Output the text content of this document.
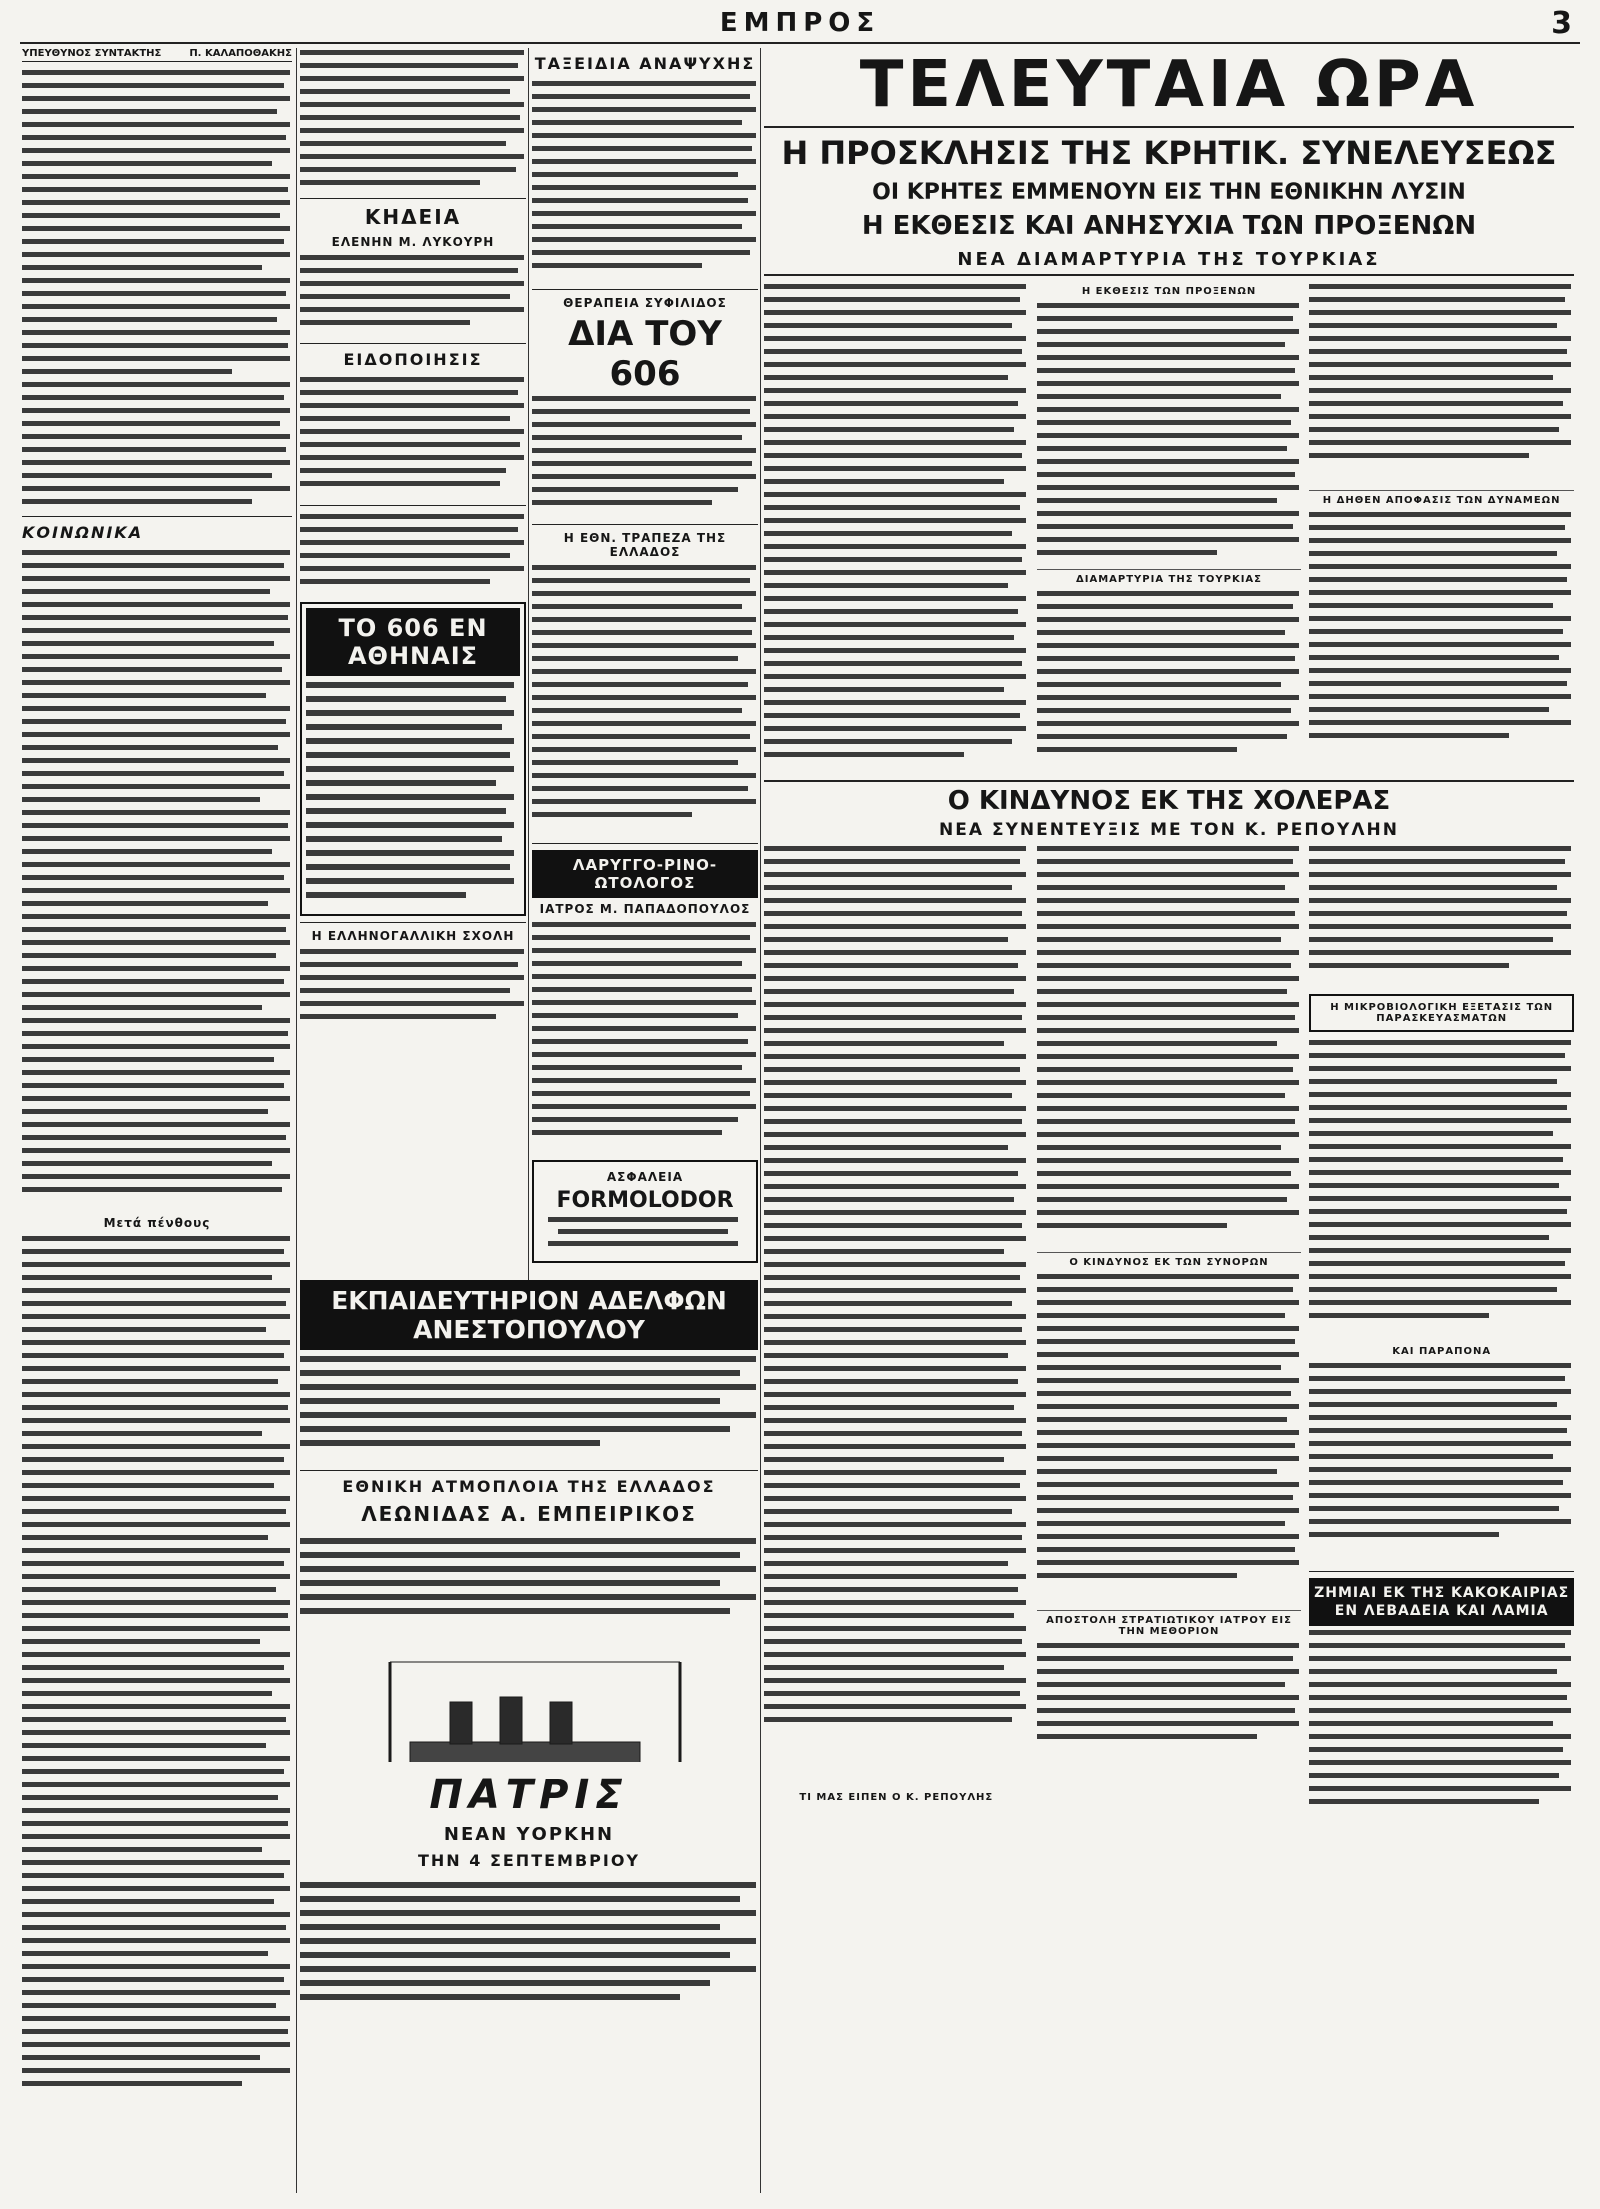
ΕΜΠΡΟΣ	3
ΥΠΕΥΘΥΝΟΣ ΣΥΝΤΑΚΤΗΣ	Π. ΚΑΛΑΠΟΘΑΚΗΣ
ΚΟΙΝΩΝΙΚΑ
Μετά πένθους
ΚΗΔΕΙΑ
ΕΛΕΝΗΝ Μ. ΛΥΚΟΥΡΗ
ΕΙΔΟΠΟΙΗΣΙΣ
ΤΟ 606 ΕΝ ΑΘΗΝΑΙΣ
Η ΕΛΛΗΝΟΓΑΛΛΙΚΗ ΣΧΟΛΗ
ΤΑΞΕΙΔΙΑ ΑΝΑΨΥΧΗΣ
ΘΕΡΑΠΕΙΑ ΣΥΦΙΛΙΔΟΣ
ΔΙΑ ΤΟΥ 606
Η ΕΘΝ. ΤΡΑΠΕΖΑ ΤΗΣ ΕΛΛΑΔΟΣ
ΛΑΡΥΓΓΟ-ΡΙΝΟ-ΩΤΟΛΟΓΟΣ
ΙΑΤΡΟΣ Μ. ΠΑΠΑΔΟΠΟΥΛΟΣ
ΑΣΦΑΛΕΙΑ
FORMOLODOR
ΕΚΠΑΙΔΕΥΤΗΡΙΟΝ ΑΔΕΛΦΩΝ ΑΝΕΣΤΟΠΟΥΛΟΥ
ΕΘΝΙΚΗ ΑΤΜΟΠΛΟΙΑ ΤΗΣ ΕΛΛΑΔΟΣ
ΛΕΩΝΙΔΑΣ Α. ΕΜΠΕΙΡΙΚΟΣ

ΠΑΤΡΙΣ
ΝΕΑΝ ΥΟΡΚΗΝ
ΤΗΝ 4 ΣΕΠΤΕΜΒΡΙΟΥ
ΤΕΛΕΥΤΑΙΑ ΩΡΑ
Η ΠΡΟΣΚΛΗΣΙΣ ΤΗΣ ΚΡΗΤΙΚ. ΣΥΝΕΛΕΥΣΕΩΣ
ΟΙ ΚΡΗΤΕΣ ΕΜΜΕΝΟΥΝ ΕΙΣ ΤΗΝ ΕΘΝΙΚΗΝ ΛΥΣΙΝ
Η ΕΚΘΕΣΙΣ ΚΑΙ ΑΝΗΣΥΧΙΑ ΤΩΝ ΠΡΟΞΕΝΩΝ
ΝΕΑ ΔΙΑΜΑΡΤΥΡΙΑ ΤΗΣ ΤΟΥΡΚΙΑΣ
Η ΕΚΘΕΣΙΣ ΤΩΝ ΠΡΟΞΕΝΩΝ
ΔΙΑΜΑΡΤΥΡΙΑ ΤΗΣ ΤΟΥΡΚΙΑΣ
Η ΔΗΘΕΝ ΑΠΟΦΑΣΙΣ ΤΩΝ ΔΥΝΑΜΕΩΝ
Ο ΚΙΝΔΥΝΟΣ ΕΚ ΤΗΣ ΧΟΛΕΡΑΣ
ΝΕΑ ΣΥΝΕΝΤΕΥΞΙΣ ΜΕ ΤΟΝ Κ. ΡΕΠΟΥΛΗΝ
ΤΙ ΜΑΣ ΕΙΠΕΝ Ο Κ. ΡΕΠΟΥΛΗΣ
Ο ΚΙΝΔΥΝΟΣ ΕΚ ΤΩΝ ΣΥΝΟΡΩΝ
ΑΠΟΣΤΟΛΗ ΣΤΡΑΤΙΩΤΙΚΟΥ ΙΑΤΡΟΥ ΕΙΣ ΤΗΝ ΜΕΘΟΡΙΟΝ
Η ΜΙΚΡΟΒΙΟΛΟΓΙΚΗ ΕΞΕΤΑΣΙΣ ΤΩΝ ΠΑΡΑΣΚΕΥΑΣΜΑΤΩΝ
ΚΑΙ ΠΑΡΑΠΟΝΑ
ΖΗΜΙΑΙ ΕΚ ΤΗΣ ΚΑΚΟΚΑΙΡΙΑΣ ΕΝ ΛΕΒΑΔΕΙΑ ΚΑΙ ΛΑΜΙΑ
